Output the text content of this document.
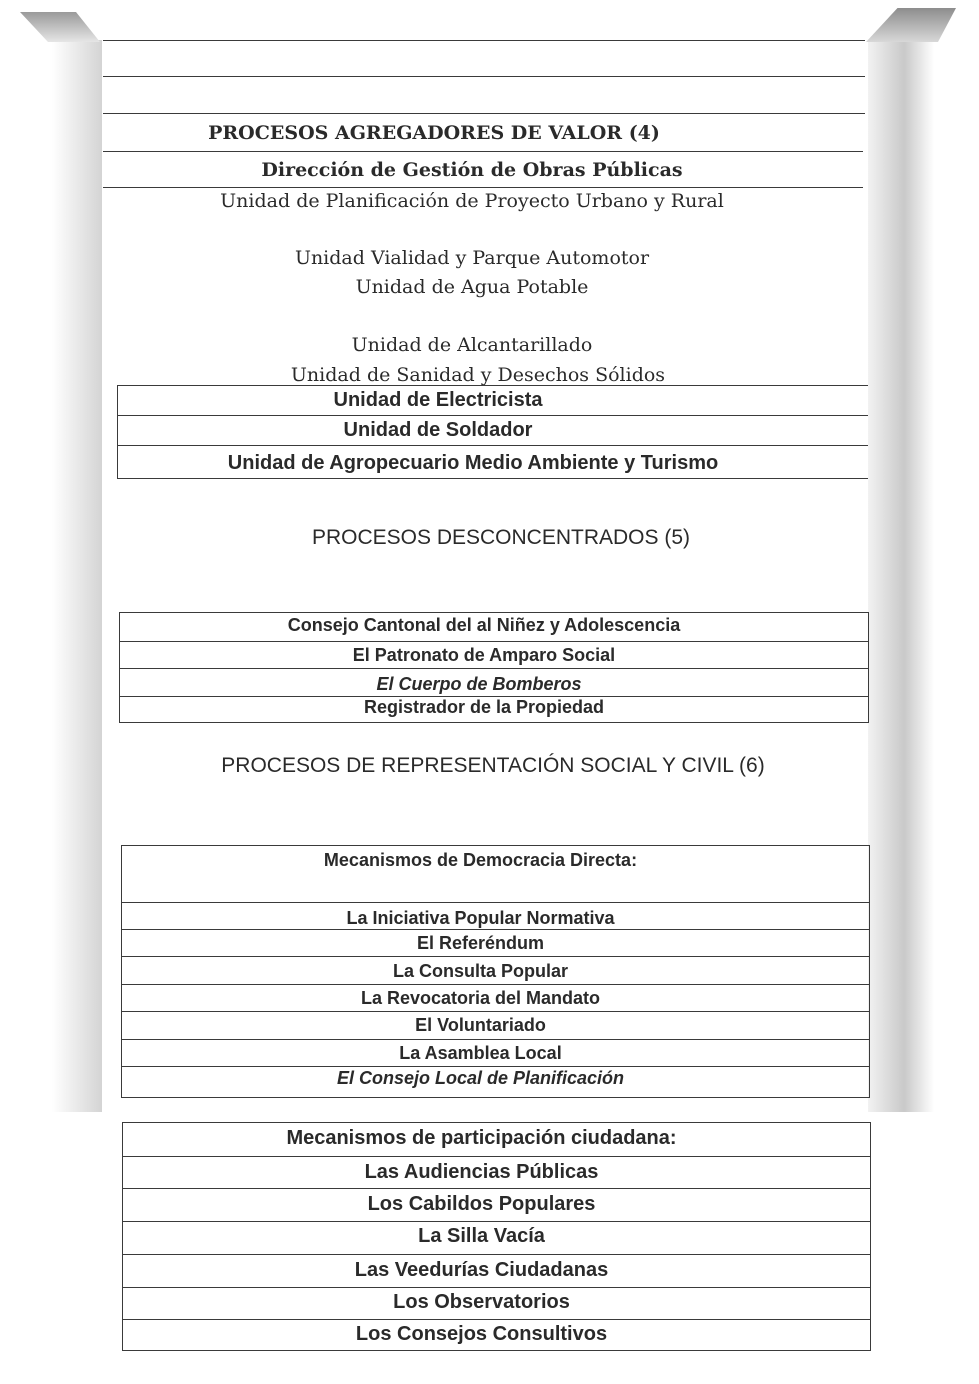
PROCESOS AGREGADORES DE VALOR (4)
Dirección de Gestión de Obras Públicas
Unidad de Planificación de Proyecto Urbano y Rural
Unidad Vialidad y Parque Automotor
Unidad de Agua Potable
Unidad de Alcantarillado
Unidad de Sanidad y Desechos Sólidos
Unidad de Electricista
Unidad de Soldador
Unidad de Agropecuario Medio Ambiente y Turismo
PROCESOS DESCONCENTRADOS (5)
Consejo Cantonal del al Niñez y Adolescencia
El Patronato de Amparo Social
El Cuerpo de Bomberos
Registrador de la Propiedad
PROCESOS DE REPRESENTACIÓN SOCIAL Y CIVIL (6)
Mecanismos de Democracia Directa:
La Iniciativa Popular Normativa
El Referéndum
La Consulta Popular
La Revocatoria del Mandato
El Voluntariado
La Asamblea Local
El Consejo Local de Planificación
Mecanismos de participación ciudadana:
Las Audiencias Públicas
Los Cabildos Populares
La Silla Vacía
Las Veedurías Ciudadanas
Los Observatorios
Los Consejos Consultivos
